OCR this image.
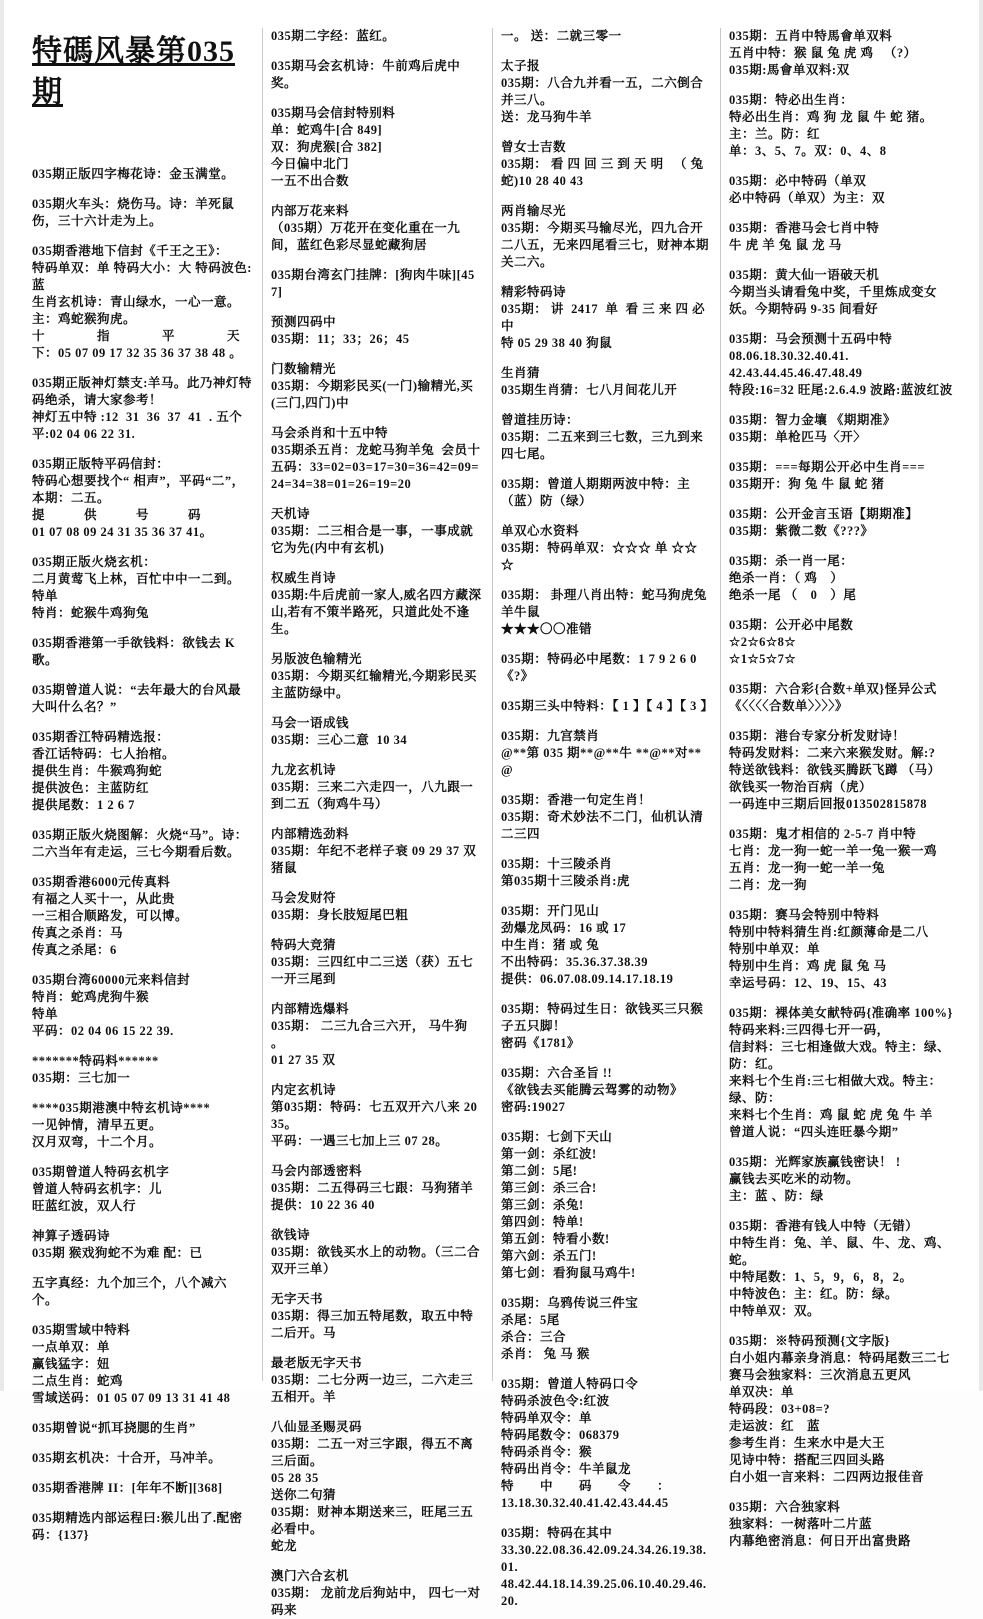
特碼风暴第035期
035期正版四字梅花诗：金玉满堂。
035期火车头：烧伤马。诗：羊死鼠伤，三十六计走为上。
035期香港地下信封《千王之王》：
特码单双：单 特码大小：大 特码波色:蓝
生肖玄机诗：青山绿水，一心一意。
主：鸡蛇猴狗虎。
十　　　　指　　　　平　　　　天
下：05 07 09 17 32 35 36 37 38 48 。
035期正版神灯禁支:羊马。此乃神灯特码绝杀，请大家参考！
神灯五中特 :12  31  36  37  41  . 五个平:02 04 06 22 31.
035期正版特平码信封：
特码心想要找个“ 相声”，平码“二”，
本期：二五。
提　　　供　　　号　　　码
01 07 08 09 24 31 35 36 37 41。
035期正版火烧玄机：
二月黄莺飞上林，百忙中中一二到。
特单
特肖：蛇猴牛鸡狗兔
035期香港第一手欲钱料：欲钱去 K 歌。
035期曾道人说：“去年最大的台风最大叫什么名？”
035期香江特码精选报：
香江话特码：七人抬棺。
提供生肖：牛猴鸡狗蛇
提供波色：主蓝防红
提供尾数：1 2 6 7
035期正版火烧图解：火烧“马”。诗：二六当年有走运，三七今期看后数。
035期香港6000元传真料
有福之人买十一，从此贵
一三相合顺路发，可以博。
传真之杀肖：马
传真之杀尾：6
035期台湾60000元来料信封
特肖：蛇鸡虎狗牛猴
特单
平码：02 04 06 15 22 39.
*******特码料******
035期：三七加一
****035期港澳中特玄机诗****
一见钟情，清早五更。
汉月双弯，十二个月。
035期曾道人特码玄机字
曾道人特码玄机字：儿
旺蓝红波，双人行
神算子透码诗
035期 猴戏狗蛇不为难 配：已
五字真经：九个加三个，八个减六个。
035期雪域中特料
一点单双：单
赢钱猛字：妞
二点生肖：蛇鸡
雪域送码：01 05 07 09 13 31 41 48
035期曾说“抓耳挠腮的生肖”
035期玄机决：十合开，马冲羊。
035期香港牌 II：[年年不断][368]
035期精选内部运程曰:猴儿出了.配密码：{137}
035期二字经：蓝红。
035期马会玄机诗：牛前鸡后虎中奖。
035期马会信封特别料
单：蛇鸡牛[合 849]
双：狗虎猴[合 382]
今日偏中北门
一五不出合数
内部万花来料
（035期）万花开在变化重在一九间，蓝红色彩尽显蛇藏狗居
035期台湾玄门挂牌：[狗肉牛味][457]
预测四码中
035期：11；33；26；45
门数输精光
035期：今期彩民买(一门)输精光,买(三门,四门)中
马会杀肖和十五中特
035期杀五肖：龙蛇马狗羊兔  会员十五码：33=02=03=17=30=36=42=09=24=34=38=01=26=19=20
天机诗
035期：二三相合是一事，一事成就它为先(内中有玄机)
权威生肖诗
035期:牛后虎前一家人,威名四方藏深山,若有不策半路死，只道此处不逢生。
另版波色输精光
035期：今期买红输精光,今期彩民买主蓝防绿中。
马会一语成钱
035期：三心二意  10 34
九龙玄机诗
035期：三来二六走四一，八九跟一到二五（狗鸡牛马）
内部精选劲料
035期：年纪不老样子衰 09 29 37 双 猪鼠
马会发财符
035期：身长肢短尾巴粗
特码大竞猜
035期：三四红中二三送（获）五七一开三尾到
内部精选爆料
035期： 二三九合三六开， 马牛狗 。
01 27 35 双
内定玄机诗
第035期：特码：七五双开六八来 20 35。
平码：一遇三七加上三 07 28。
马会内部透密料
035期：二五得码三七跟：马狗猪羊 提供：10 22 36 40
欲钱诗
035期：欲钱买水上的动物。（三二合双开三单）
无字天书
035期：得三加五特尾数，取五中特二后开。马
最老版无字天书
035期：二七分两一边三，二六走三五相开。羊
八仙显圣赐灵码
035期：二五一对三字跟，得五不离三后面。
05 28 35
送你二句猜
035期：财神本期送来三，旺尾三五必看中。
蛇龙
澳门六合玄机
035期： 龙前龙后狗站中， 四七一对码来
一。 送：二就三零一
太子报
035期：八合九并看一五，二六倒合并三八。
送：龙马狗牛羊
曾女士吉数
035期： 看 四 回 三 到 天 明 　（ 兔蛇)10 28 40 43
两肖输尽光
035期：今期买马输尽光，四九合开二八五，无来四尾看三七，财神本期关二六。
精彩特码诗
035期： 讲  2417  单  看 三 来 四 必 中
特 05 29 38 40 狗鼠
生肖猜
035期生肖猜：七八月间花儿开
曾道挂历诗：
035期：二五来到三七数，三九到来四七尾。
035期：曾道人期期两波中特：主（蓝）防（绿）
单双心水资料
035期：特码单双：☆☆☆ 单 ☆☆☆
035期： 卦理八肖出特：蛇马狗虎兔羊牛鼠
★★★〇〇准错
035期：特码必中尾数：1 7 9 2 6 0 《?》
035期三头中特料：【 1 】【 4 】【 3 】
035期：九宫禁肖
@**第 035 期**@**牛 **@**对**@
035期：香港一句定生肖！
035期：奇术妙法不二门，仙机认清二三四
035期：十三陵杀肖
第035期十三陵杀肖:虎
035期：开门见山
劲爆龙凤码：16 或 17
中生肖：猪 或 兔
不出特码：35.36.37.38.39
提供：06.07.08.09.14.17.18.19
035期：特码过生日：欲钱买三只猴子五只脚！
密码《1781》
035期：六合圣旨 !!
《欲钱去买能腾云驾雾的动物》
密码:19027
035期：七剑下天山
第一剑：杀红波!
第二剑：5尾!
第三剑：杀三合!
第三剑：杀兔!
第四剑：特单!
第五剑：特看小数!
第六剑：杀五门!
第七剑：看狗鼠马鸡牛!
035期：乌鸦传说三件宝
杀尾：5尾
杀合：三合
杀肖： 兔 马 猴
035期：曾道人特码口令
特码杀波色令:红波
特码单双令：单
特码尾数令：068379
特码杀肖令：猴
特码出肖令：牛羊鼠龙
特　　中　　码　　令　　：
13.18.30.32.40.41.42.43.44.45
035期：特码在其中
33.30.22.08.36.42.09.24.34.26.19.38.01.
48.42.44.18.14.39.25.06.10.40.29.46.20.
035期：五肖中特馬會单双料
五肖中特：猴 鼠 兔 虎 鸡 　（?）
035期:馬會单双料:双
035期：特必出生肖：
特必出生肖：鸡 狗 龙 鼠 牛 蛇 猪。
主：兰。防：红
单：3、5、7。双：0、4、8
035期：必中特码（单双
必中特码（单双）为主：双
035期：香港马会七肖中特
牛 虎 羊 兔 鼠 龙 马
035期：黄大仙一语破天机
今期当头请看兔中奖，千里炼成变女妖。今期特码 9-35 间看好
035期：马会预测十五码中特
08.06.18.30.32.40.41.
42.43.44.45.46.47.48.49
特段:16=32 旺尾:2.6.4.9 波路:蓝波红波
035期：智力金壤 《期期准》
035期：单枪匹马〈开〉
035期：===每期公开必中生肖===
035期开：狗 兔 牛 鼠 蛇 猪
035期：公开金言玉语【期期准】
035期：紫微二数《???》
035期：杀一肖一尾：
绝杀一肖：（ 鸡　）
绝杀一尾 （　0　）尾
035期：公开必中尾数
☆2☆6☆8☆
☆1☆5☆7☆
035期：六合彩{合数+单双}怪异公式
《〈〈〈〈合数单〉〉〉〉》
035期：港台专家分析发财诗！
特码发财料：二来六来猴发财。解:?
特送欲钱料：欲钱买腾跃飞蹲 （马） 欲钱买一物治百病（虎）
一码连中三期后回报013502815878
035期：鬼才相信的 2-5-7 肖中特
七肖：龙一狗一蛇一羊一兔一猴一鸡
五肖：龙一狗一蛇一羊一兔
二肖：龙一狗
035期：赛马会特别中特料
特别中特料猜生肖:红颜薄命是二八
特别中单双：单
特别中生肖：鸡 虎 鼠 兔 马
幸运号码：12、19、15、43
035期：裸体美女献特码{准确率 100%}
特码来料:三四得七开一码，
信封料：三七相逢做大戏。特主：绿、防：红。
来料七个生肖:三七相做大戏。特主：绿、防：
来料七个生肖：鸡 鼠 蛇 虎 兔 牛 羊
曾道人说：“四头连旺暴今期”
035期：光辉家族赢钱密诀！ !
赢钱去买吃米的动物。
主：蓝 、防：绿
035期：香港有钱人中特（无错）
中特生肖：兔、羊、鼠、牛、龙、鸡、蛇。
中特尾数：1、5，9，6，8，2。
中特波色：主：红。防：绿。
中特单双：双。
035期：※特码预测{文字版}
白小姐内幕亲身消息：特码尾数三二七
赛马会独家料：三次消息五更风
单双决：单
特码段：03+08=?
走运波：红　蓝
参考生肖：生来水中是大王
见诗中特：搭配三四回头路
白小姐一言来料：二四两边报佳音
035期：六合独家料
独家料：一树落叶二片蓝
内幕绝密消息：何日开出富贵路
